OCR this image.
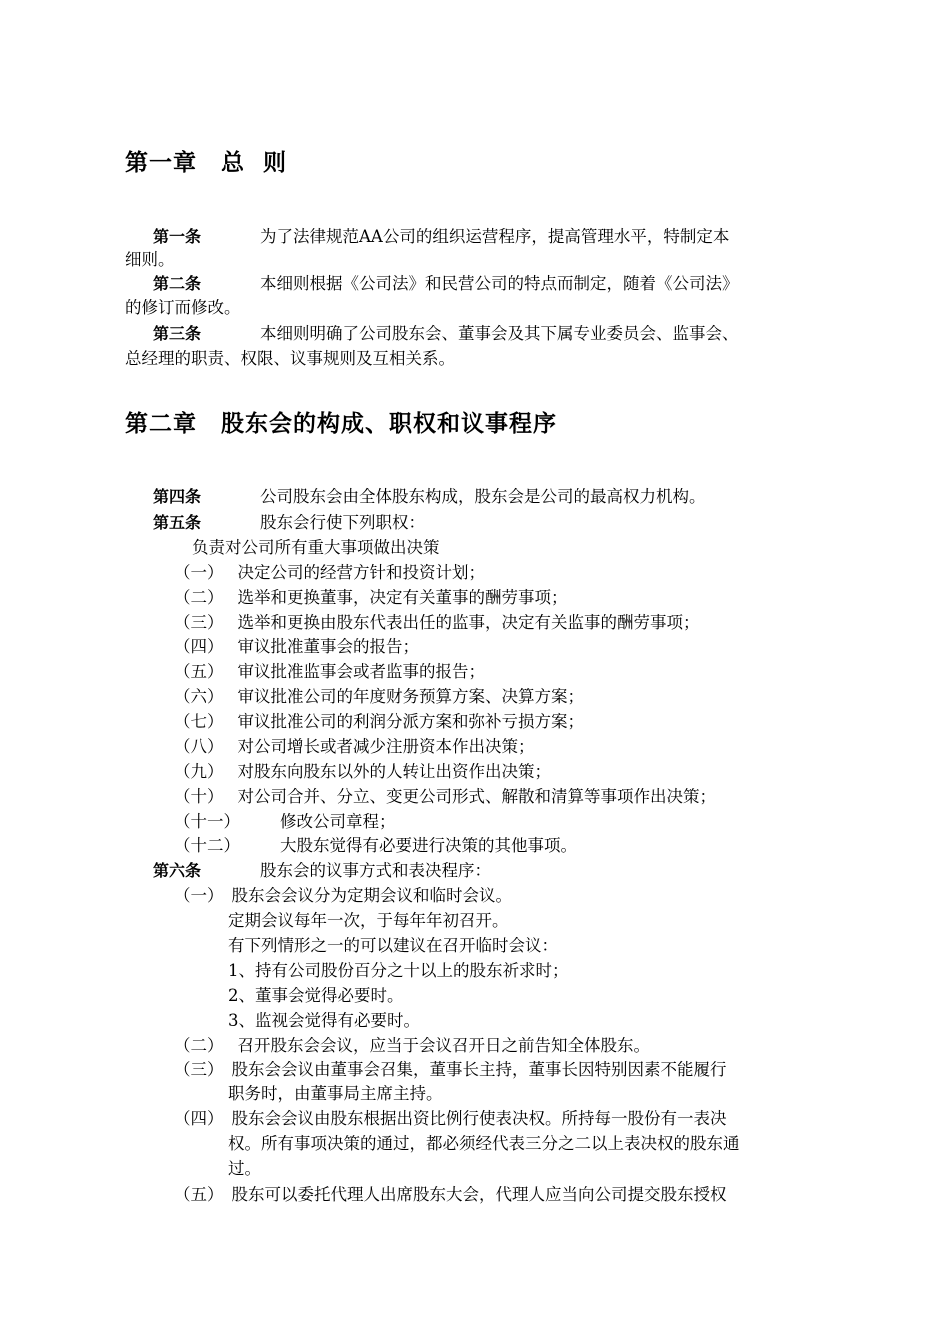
第一章　总  则
第一条	为了法律规范AA公司的组织运营程序，提高管理水平，特制定本
细则。
第二条	本细则根据《公司法》和民营公司的特点而制定，随着《公司法》
的修订而修改。
第三条	本细则明确了公司股东会、董事会及其下属专业委员会、监事会、
总经理的职责、权限、议事规则及互相关系。
第二章　股东会的构成、职权和议事程序
第四条	公司股东会由全体股东构成，股东会是公司的最高权力机构。
第五条	股东会行使下列职权：
负责对公司所有重大事项做出决策
（一） 决定公司的经营方针和投资计划；
（二） 选举和更换董事，决定有关董事的酬劳事项；
（三） 选举和更换由股东代表出任的监事，决定有关监事的酬劳事项；
（四） 审议批准董事会的报告；
（五） 审议批准监事会或者监事的报告；
（六） 审议批准公司的年度财务预算方案、决算方案；
（七） 审议批准公司的利润分派方案和弥补亏损方案；
（八） 对公司增长或者减少注册资本作出决策；
（九） 对股东向股东以外的人转让出资作出决策；
（十） 对公司合并、分立、变更公司形式、解散和清算等事项作出决策；
（十一） 修改公司章程；
（十二） 大股东觉得有必要进行决策的其他事项。
第六条	股东会的议事方式和表决程序：
（一） 股东会会议分为定期会议和临时会议。
定期会议每年一次，于每年年初召开。
有下列情形之一的可以建议在召开临时会议：
1、持有公司股份百分之十以上的股东祈求时；
2、董事会觉得必要时。
3、监视会觉得有必要时。
（二） 召开股东会会议，应当于会议召开日之前告知全体股东。
（三） 股东会会议由董事会召集，董事长主持，董事长因特别因素不能履行
职务时，由董事局主席主持。
（四） 股东会会议由股东根据出资比例行使表决权。所持每一股份有一表决
权。所有事项决策的通过，都必须经代表三分之二以上表决权的股东通
过。
（五） 股东可以委托代理人出席股东大会，代理人应当向公司提交股东授权
